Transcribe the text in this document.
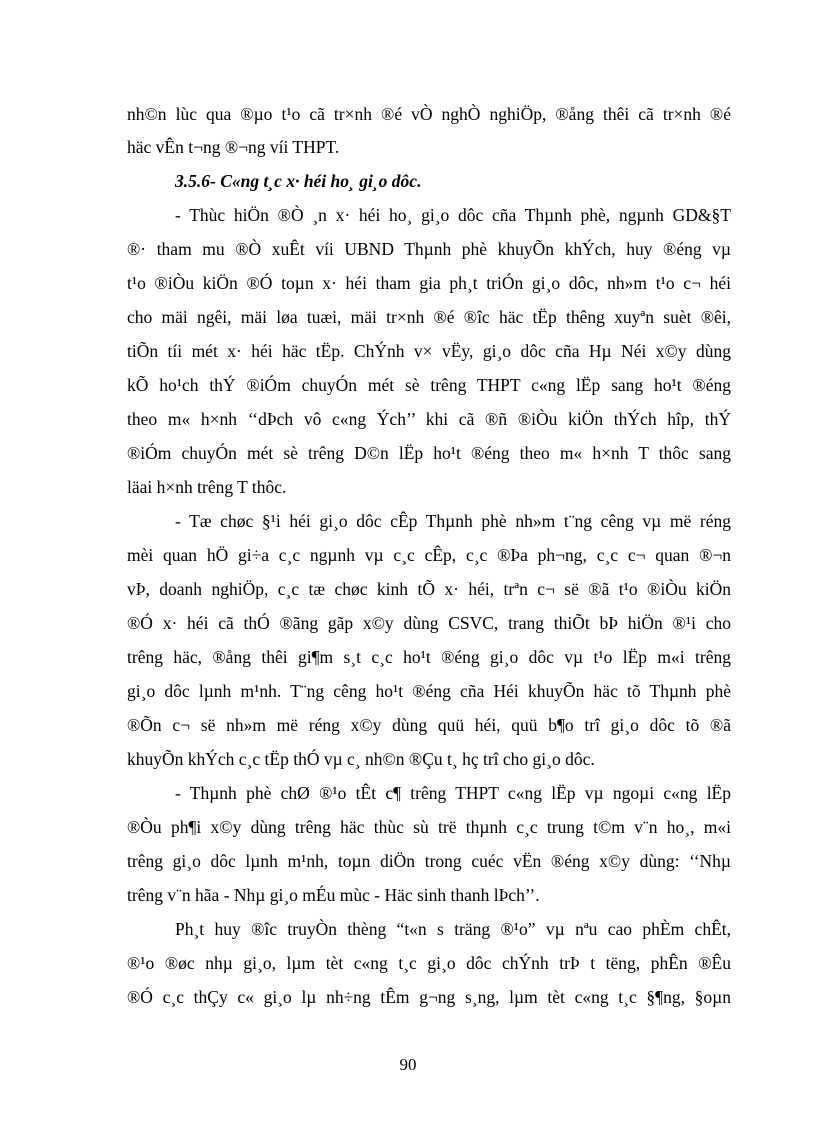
nh©n lùc qua ®µo t¹o cã tr×nh ®é vÒ nghÒ nghiÖp, ®ång thêi cã tr×nh ®é
häc vÊn t¬ng ®¬ng víi THPT.
3.5.6- C«ng t¸c x· héi ho¸ gi¸o dôc.
- Thùc hiÖn ®Ò ¸n x· héi ho¸ gi¸o dôc cña Thµnh phè, ngµnh GD&§T
®· tham mu ®Ò xuÊt víi UBND Thµnh phè khuyÕn khÝch, huy ®éng vµ
t¹o ®iÒu kiÖn ®Ó toµn x· héi tham gia ph¸t triÓn gi¸o dôc, nh»m t¹o c¬ héi
cho mäi ngêi, mäi løa tuæi, mäi tr×nh ®é ®îc häc tËp thêng xuyªn suèt ®êi,
tiÕn tíi mét x· héi häc tËp. ChÝnh v× vËy, gi¸o dôc cña Hµ Néi x©y dùng
kÕ ho¹ch thÝ ®iÓm chuyÓn mét sè trêng THPT c«ng lËp sang ho¹t ®éng
theo m« h×nh ‘‘dÞch vô c«ng Ých’’ khi cã ®ñ ®iÒu kiÖn thÝch hîp, thÝ
®iÓm chuyÓn mét sè trêng D©n lËp ho¹t ®éng theo m« h×nh T thôc sang
läai h×nh trêng T thôc.
- Tæ chøc §¹i héi gi¸o dôc cÊp Thµnh phè nh»m t¨ng cêng vµ më réng
mèi quan hÖ gi÷a c¸c ngµnh vµ c¸c cÊp, c¸c ®Þa ph¬ng, c¸c c¬ quan ®¬n
vÞ, doanh nghiÖp, c¸c tæ chøc kinh tÕ x· héi, trªn c¬ së ®ã t¹o ®iÒu kiÖn
®Ó x· héi cã thÓ ®ãng gãp x©y dùng CSVC, trang thiÕt bÞ hiÖn ®¹i cho
trêng häc, ®ång thêi gi¶m s¸t c¸c ho¹t ®éng gi¸o dôc vµ t¹o lËp m«i trêng
gi¸o dôc lµnh m¹nh. T¨ng cêng ho¹t ®éng cña Héi khuyÕn häc tõ Thµnh phè
®Õn c¬ së nh»m më réng x©y dùng quü héi, quü b¶o trî gi¸o dôc tõ ®ã
khuyÕn khÝch c¸c tËp thÓ vµ c¸ nh©n ®Çu t¸ hç trî cho gi¸o dôc.
- Thµnh phè chØ ®¹o tÊt c¶ trêng THPT c«ng lËp vµ ngoµi c«ng lËp
®Òu ph¶i x©y dùng trêng häc thùc sù trë thµnh c¸c trung t©m v¨n ho¸, m«i
trêng gi¸o dôc lµnh m¹nh, toµn diÖn trong cuéc vËn ®éng x©y dùng: ‘‘Nhµ
trêng v¨n hãa - Nhµ gi¸o mÉu mùc - Häc sinh thanh lÞch’’.
Ph¸t huy ®îc truyÒn thèng “t«n s träng ®¹o” vµ nªu cao phÈm chÊt,
®¹o ®øc nhµ gi¸o, lµm tèt c«ng t¸c gi¸o dôc chÝnh trÞ t tëng, phÊn ®Êu
®Ó c¸c thÇy c« gi¸o lµ nh÷ng tÊm g¬ng s¸ng, lµm tèt c«ng t¸c §¶ng, §oµn
90
